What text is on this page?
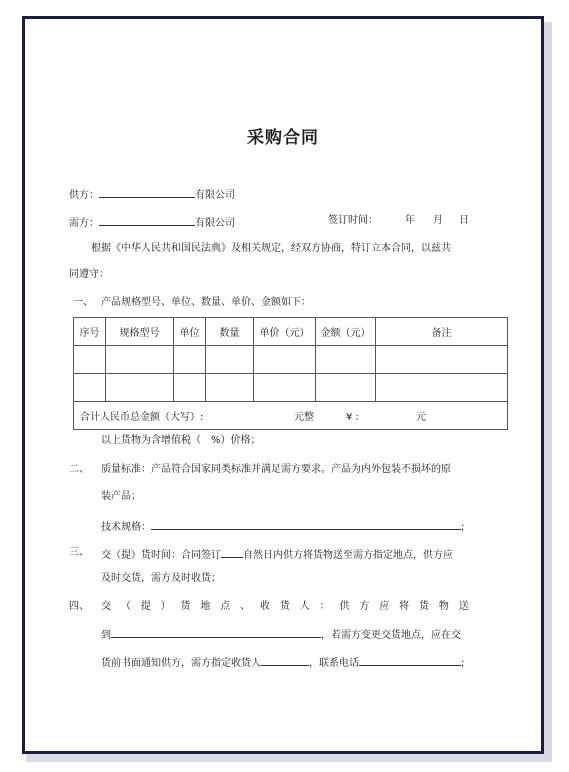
采购合同
供方：	有限公司
需方：	有限公司	签订时间：	年 月 日
根据《中华人民共和国民法典》及相关规定，经双方协商，特订立本合同，以兹共
同遵守：
一、 产品规格型号、单位、数量、单价、金额如下：
序号	规格型号	单位	数量	单价（元）	金额（元）	备注

合计人民币总金额（大写）: 元整 ¥ : 元						
以上货物为含增值税（　%）价格；
二、 质量标准：产品符合国家同类标准并满足需方要求。产品为内外包装不损坏的原
装产品；
技术规格：	;
三、 交（提）货时间：合同签订 自然日内供方将货物送至需方指定地点，供方应
及时交货，需方及时收货；
四、 交 （ 提 ） 货 地 点 、 收 货 人 ： 供 方 应 将 货 物 送
到	，若需方变更交货地点，应在交
货前书面通知供方，需方指定收货人	，联系电话	;
